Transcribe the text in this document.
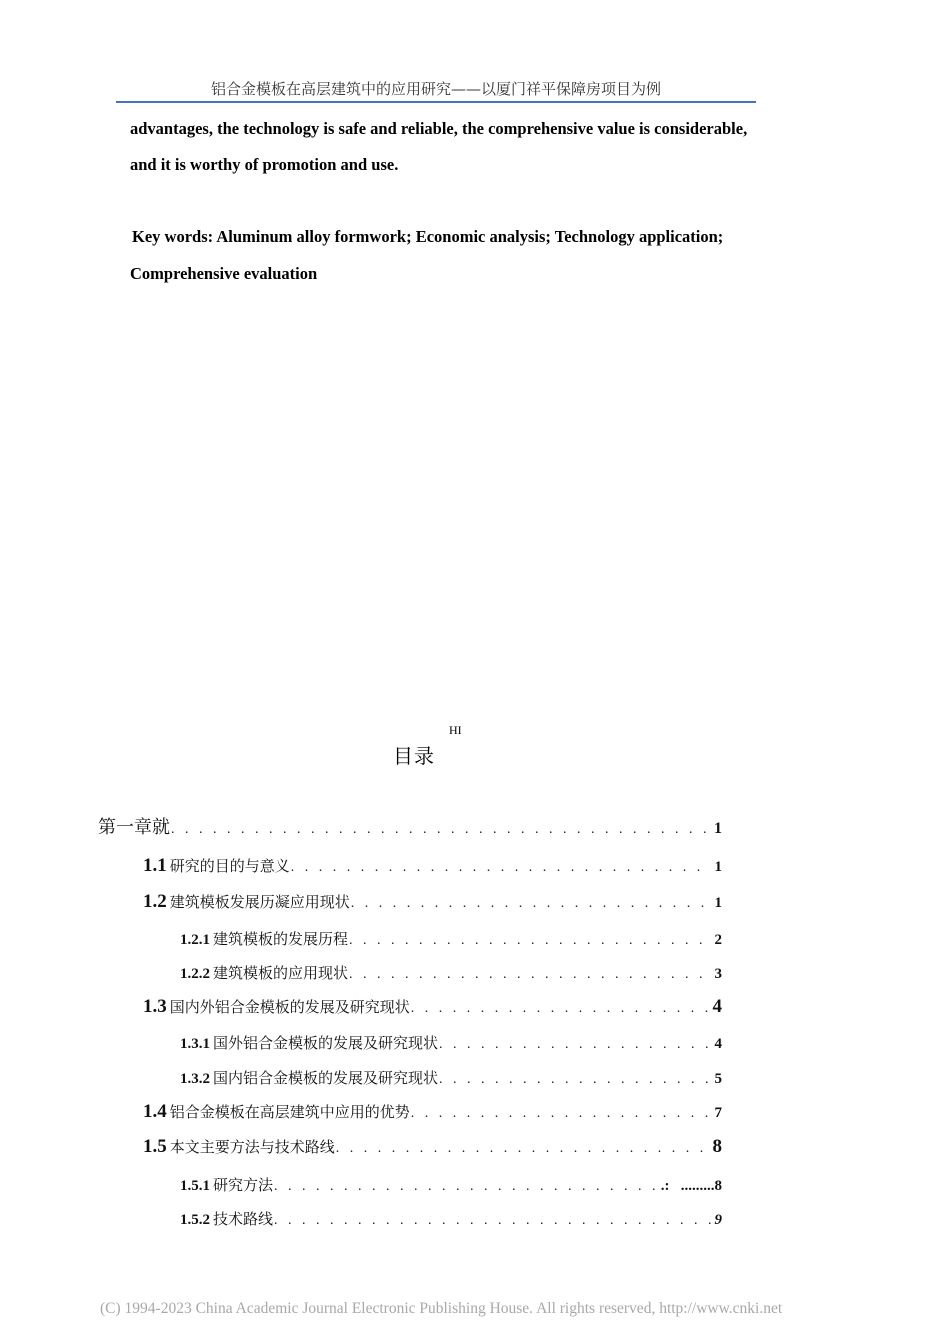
铝合金模板在高层建筑中的应用研究——以厦门祥平保障房项目为例
advantages, the technology is safe and reliable, the comprehensive value is considerable,
and it is worthy of promotion and use.
Key words: Aluminum alloy formwork; Economic analysis; Technology application;
Comprehensive evaluation
HI
目录
第一章就 . . .	1
1.1 研究的目的与意义 . . .	1
1.2 建筑模板发展历凝应用现状 . . .	1
1.2.1 建筑模板的发展历程 . . .	2
1.2.2 建筑模板的应用现状 . . .	3
1.3 国内外铝合金模板的发展及研究现状 . . .	4
1.3.1 国外铝合金模板的发展及研究现状 . . .	4
1.3.2 国内铝合金模板的发展及研究现状 . . .	5
1.4 铝合金模板在高层建筑中应用的优势 . . .	7
1.5 本文主要方法与技术路线 . . .	8
1.5.1 研究方法 . . .	.:   .........8
1.5.2 技术路线 . . .	9
(C) 1994-2023 China Academic Journal Electronic Publishing House. All rights reserved, http://www.cnki.net
